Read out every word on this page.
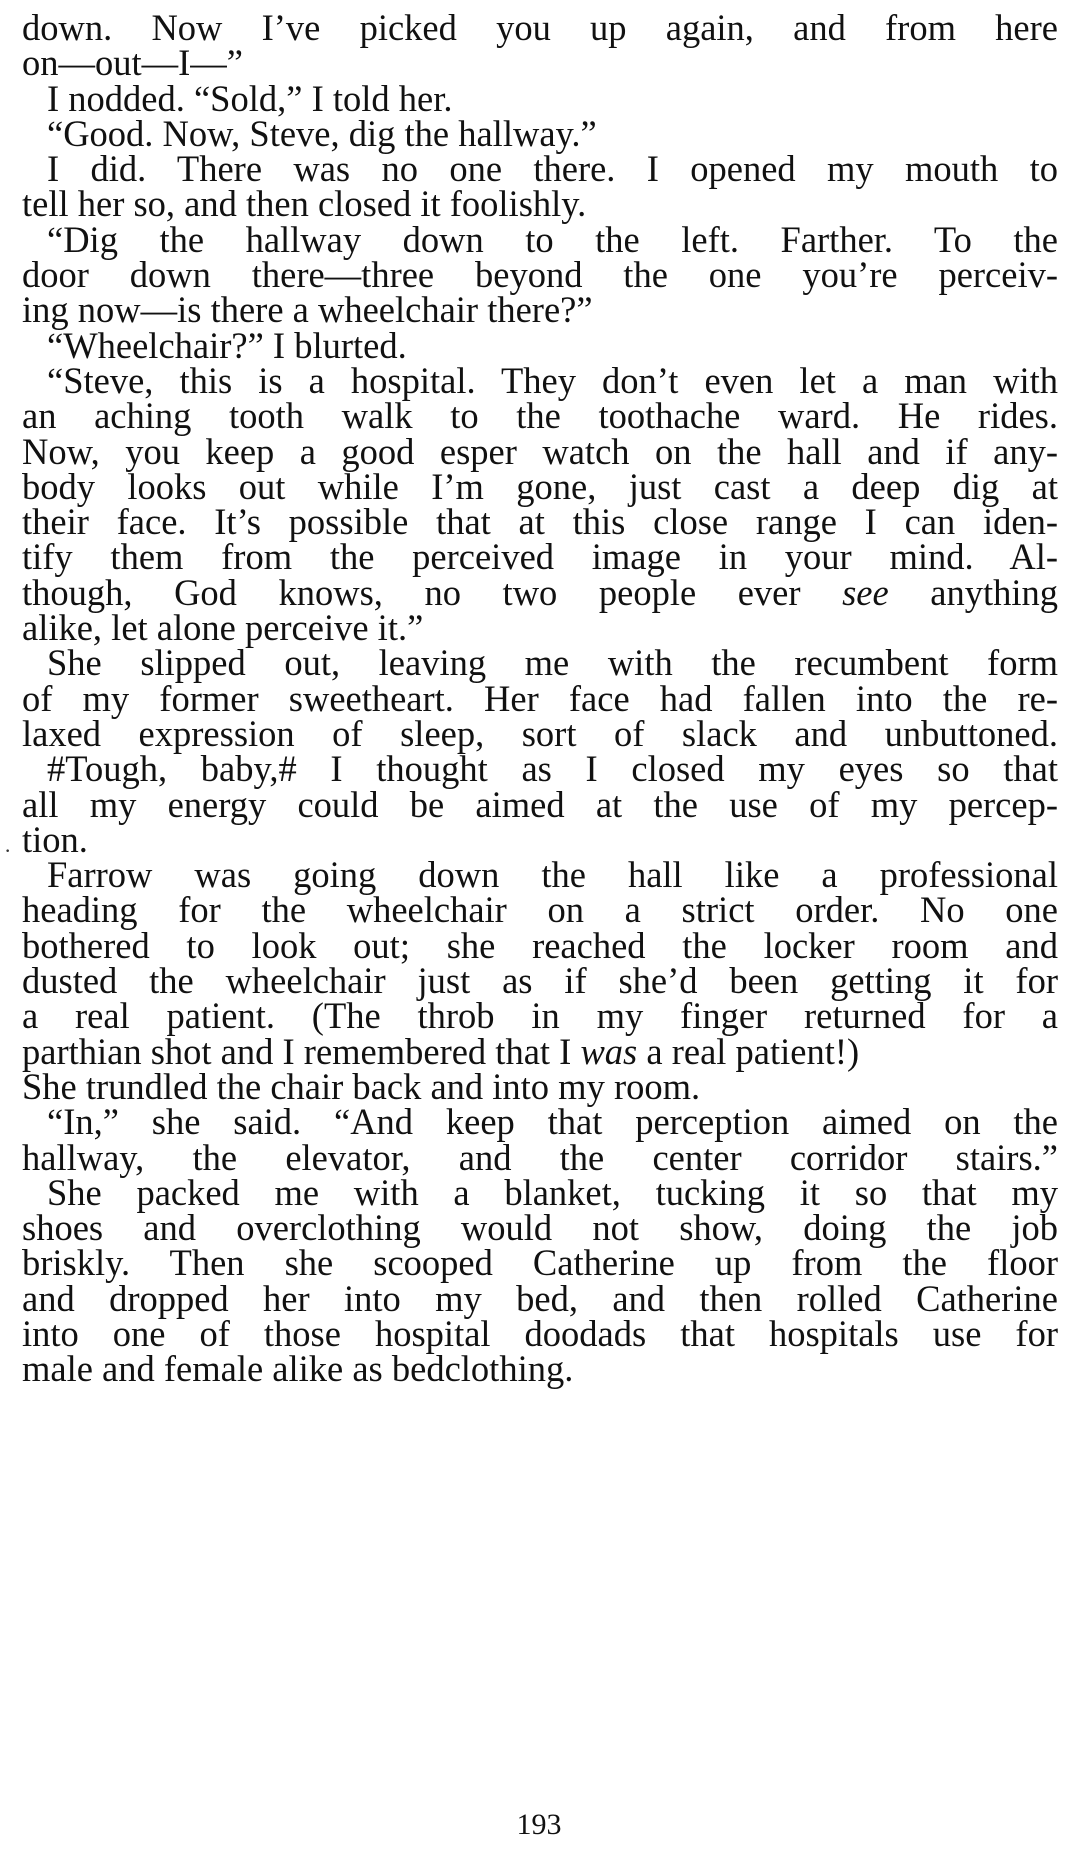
down. Now I’ve picked you up again, and from here
on—out—I—”
I nodded. “Sold,” I told her.
“Good. Now, Steve, dig the hallway.”
I did. There was no one there. I opened my mouth to
tell her so, and then closed it foolishly.
“Dig the hallway down to the left. Farther. To the
door down there—three beyond the one you’re perceiv-
ing now—is there a wheelchair there?”
“Wheelchair?” I blurted.
“Steve, this is a hospital. They don’t even let a man with
an aching tooth walk to the toothache ward. He rides.
Now, you keep a good esper watch on the hall and if any-
body looks out while I’m gone, just cast a deep dig at
their face. It’s possible that at this close range I can iden-
tify them from the perceived image in your mind. Al-
though, God knows, no two people ever see anything
alike, let alone perceive it.”
She slipped out, leaving me with the recumbent form
of my former sweetheart. Her face had fallen into the re-
laxed expression of sleep, sort of slack and unbuttoned.
#Tough, baby,# I thought as I closed my eyes so that
all my energy could be aimed at the use of my percep-
tion.
Farrow was going down the hall like a professional
heading for the wheelchair on a strict order. No one
bothered to look out; she reached the locker room and
dusted the wheelchair just as if she’d been getting it for
a real patient. (The throb in my finger returned for a
parthian shot and I remembered that I was a real patient!)
She trundled the chair back and into my room.
“In,” she said. “And keep that perception aimed on the
hallway, the elevator, and the center corridor stairs.”
She packed me with a blanket, tucking it so that my
shoes and overclothing would not show, doing the job
briskly. Then she scooped Catherine up from the floor
and dropped her into my bed, and then rolled Catherine
into one of those hospital doodads that hospitals use for
male and female alike as bedclothing.
193
·
